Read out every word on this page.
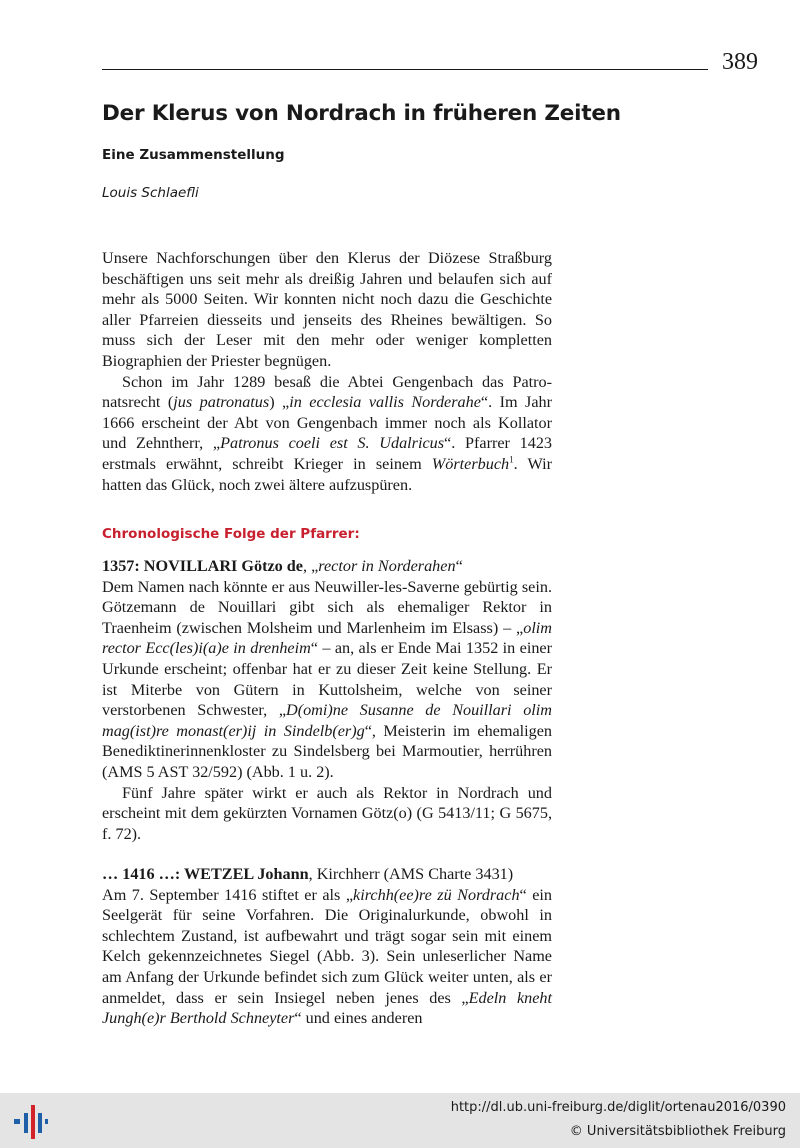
389
Der Klerus von Nordrach in früheren Zeiten
Eine Zusammenstellung
Louis Schlaefli

Unsere Nachforschungen über den Klerus der Diözese Straßburg beschäftigen uns seit mehr als dreißig Jahren und belaufen sich auf mehr als 5000 Seiten. Wir konnten nicht noch dazu die Geschichte aller Pfarreien diesseits und jenseits des Rheines bewältigen. So muss sich der Leser mit den mehr oder weniger kompletten Biographien der Priester begnügen.

Schon im Jahr 1289 besaß die Abtei Gengenbach das Patronatsrecht (jus patronatus) „in ecclesia vallis Norderahe“. Im Jahr 1666 erscheint der Abt von Gengenbach immer noch als Kollator und Zehntherr, „Patronus coeli est S. Udalricus“. Pfarrer 1423 erstmals erwähnt, schreibt Krieger in seinem Wörterbuch$^1$. Wir hatten das Glück, noch zwei ältere aufzuspüren.

Chronologische Folge der Pfarrer:

1357: NOVILLARI Götzo de, „rector in Norderahen“

Dem Namen nach könnte er aus Neuwiller-les-Saverne gebürtig sein. Götzemann de Nouillari gibt sich als ehemaliger Rektor in Traenheim (zwischen Molsheim und Marlenheim im Elsass) – „olim rector Ecc(les)i(a)e in drenheim“ – an, als er Ende Mai 1352 in einer Urkunde erscheint; offenbar hat er zu dieser Zeit keine Stellung. Er ist Miterbe von Gütern in Kuttolsheim, welche von seiner verstorbenen Schwester, „D(omi)ne Susanne de Nouillari olim mag(ist)re monast(er)ij in Sindelb(er)g“, Meisterin im ehemaligen Benediktinerinnenkloster zu Sindelsberg bei Marmoutier, herrühren (AMS 5 AST 32/592) (Abb. 1 u. 2).

Fünf Jahre später wirkt er auch als Rektor in Nordrach und erscheint mit dem gekürzten Vornamen Götz(o) (G 5413/11; G 5675, f. 72).

… 1416 …: WETZEL Johann, Kirchherr (AMS Charte 3431)

Am 7. September 1416 stiftet er als „kirchh(ee)re zü Nordrach“ ein Seelgerät für seine Vorfahren. Die Originalurkunde, obwohl in schlechtem Zustand, ist aufbewahrt und trägt sogar sein mit einem Kelch gekennzeichnetes Siegel (Abb. 3). Sein unleserlicher Name am Anfang der Urkunde befindet sich zum Glück weiter unten, als er anmeldet, dass er sein Insiegel neben jenes des „Edeln kneht Jungh(e)r Berthold Schneyter“ und eines anderen

http://dl.ub.uni-freiburg.de/diglit/ortenau2016/0390
© Universitätsbibliothek Freiburg
